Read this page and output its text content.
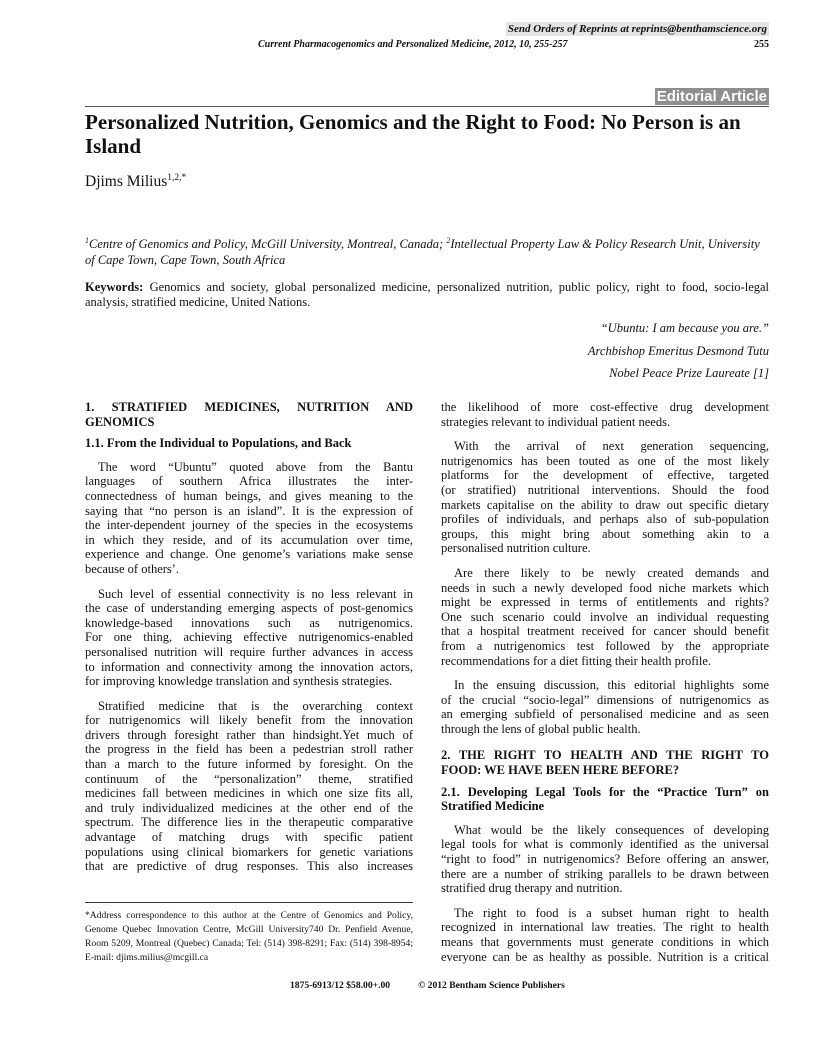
Send Orders of Reprints at reprints@benthamscience.org
Current Pharmacogenomics and Personalized Medicine, 2012, 10, 255-257	255
Editorial Article
Personalized Nutrition, Genomics and the Right to Food: No Person is an Island
Djims Milius$^{1,2,*}$
$^1$Centre of Genomics and Policy, McGill University, Montreal, Canada; $^2$Intellectual Property Law & Policy Research Unit, University of Cape Town, Cape Town, South Africa
Keywords: Genomics and society, global personalized medicine, personalized nutrition, public policy, right to food, socio-legal analysis, stratified medicine, United Nations.
“Ubuntu: I am because you are.”
Archbishop Emeritus Desmond Tutu
Nobel Peace Prize Laureate [1]
1. STRATIFIED MEDICINES, NUTRITION AND
GENOMICS
1.1. From the Individual to Populations, and Back
The word “Ubuntu” quoted above from the Bantu
languages of southern Africa illustrates the inter-
connectedness of human beings, and gives meaning to the
saying that “no person is an island”. It is the expression of
the inter-dependent journey of the species in the ecosystems
in which they reside, and of its accumulation over time,
experience and change. One genome’s variations make sense
because of others’.
Such level of essential connectivity is no less relevant in
the case of understanding emerging aspects of post-genomics
knowledge-based innovations such as nutrigenomics.
For one thing, achieving effective nutrigenomics-enabled
personalised nutrition will require further advances in access
to information and connectivity among the innovation actors,
for improving knowledge translation and synthesis strategies.
Stratified medicine that is the overarching context
for nutrigenomics will likely benefit from the innovation
drivers through foresight rather than hindsight.Yet much of
the progress in the field has been a pedestrian stroll rather
than a march to the future informed by foresight. On the
continuum of the “personalization” theme, stratified
medicines fall between medicines in which one size fits all,
and truly individualized medicines at the other end of the
spectrum. The difference lies in the therapeutic comparative
advantage of matching drugs with specific patient
populations using clinical biomarkers for genetic variations
that are predictive of drug responses. This also increases
the likelihood of more cost-effective drug development
strategies relevant to individual patient needs.
With the arrival of next generation sequencing,
nutrigenomics has been touted as one of the most likely
platforms for the development of effective, targeted
(or stratified) nutritional interventions. Should the food
markets capitalise on the ability to draw out specific dietary
profiles of individuals, and perhaps also of sub-population
groups, this might bring about something akin to a
personalised nutrition culture.
Are there likely to be newly created demands and
needs in such a newly developed food niche markets which
might be expressed in terms of entitlements and rights?
One such scenario could involve an individual requesting
that a hospital treatment received for cancer should benefit
from a nutrigenomics test followed by the appropriate
recommendations for a diet fitting their health profile.
In the ensuing discussion, this editorial highlights some
of the crucial “socio-legal” dimensions of nutrigenomics as
an emerging subfield of personalised medicine and as seen
through the lens of global public health.
2. THE RIGHT TO HEALTH AND THE RIGHT TO
FOOD: WE HAVE BEEN HERE BEFORE?
2.1. Developing Legal Tools for the “Practice Turn” on
Stratified Medicine
What would be the likely consequences of developing
legal tools for what is commonly identified as the universal
“right to food” in nutrigenomics? Before offering an answer,
there are a number of striking parallels to be drawn between
stratified drug therapy and nutrition.
The right to food is a subset human right to health
recognized in international law treaties. The right to health
means that governments must generate conditions in which
everyone can be as healthy as possible. Nutrition is a critical
*Address correspondence to this author at the Centre of Genomics and Policy, Genome Quebec Innovation Centre, McGill University740 Dr. Penfield Avenue, Room 5209, Montreal (Quebec) Canada; Tel: (514) 398-8291; Fax: (514) 398-8954; E-mail: djims.milius@mcgill.ca
1875-6913/12 $58.00+.00	© 2012 Bentham Science Publishers
